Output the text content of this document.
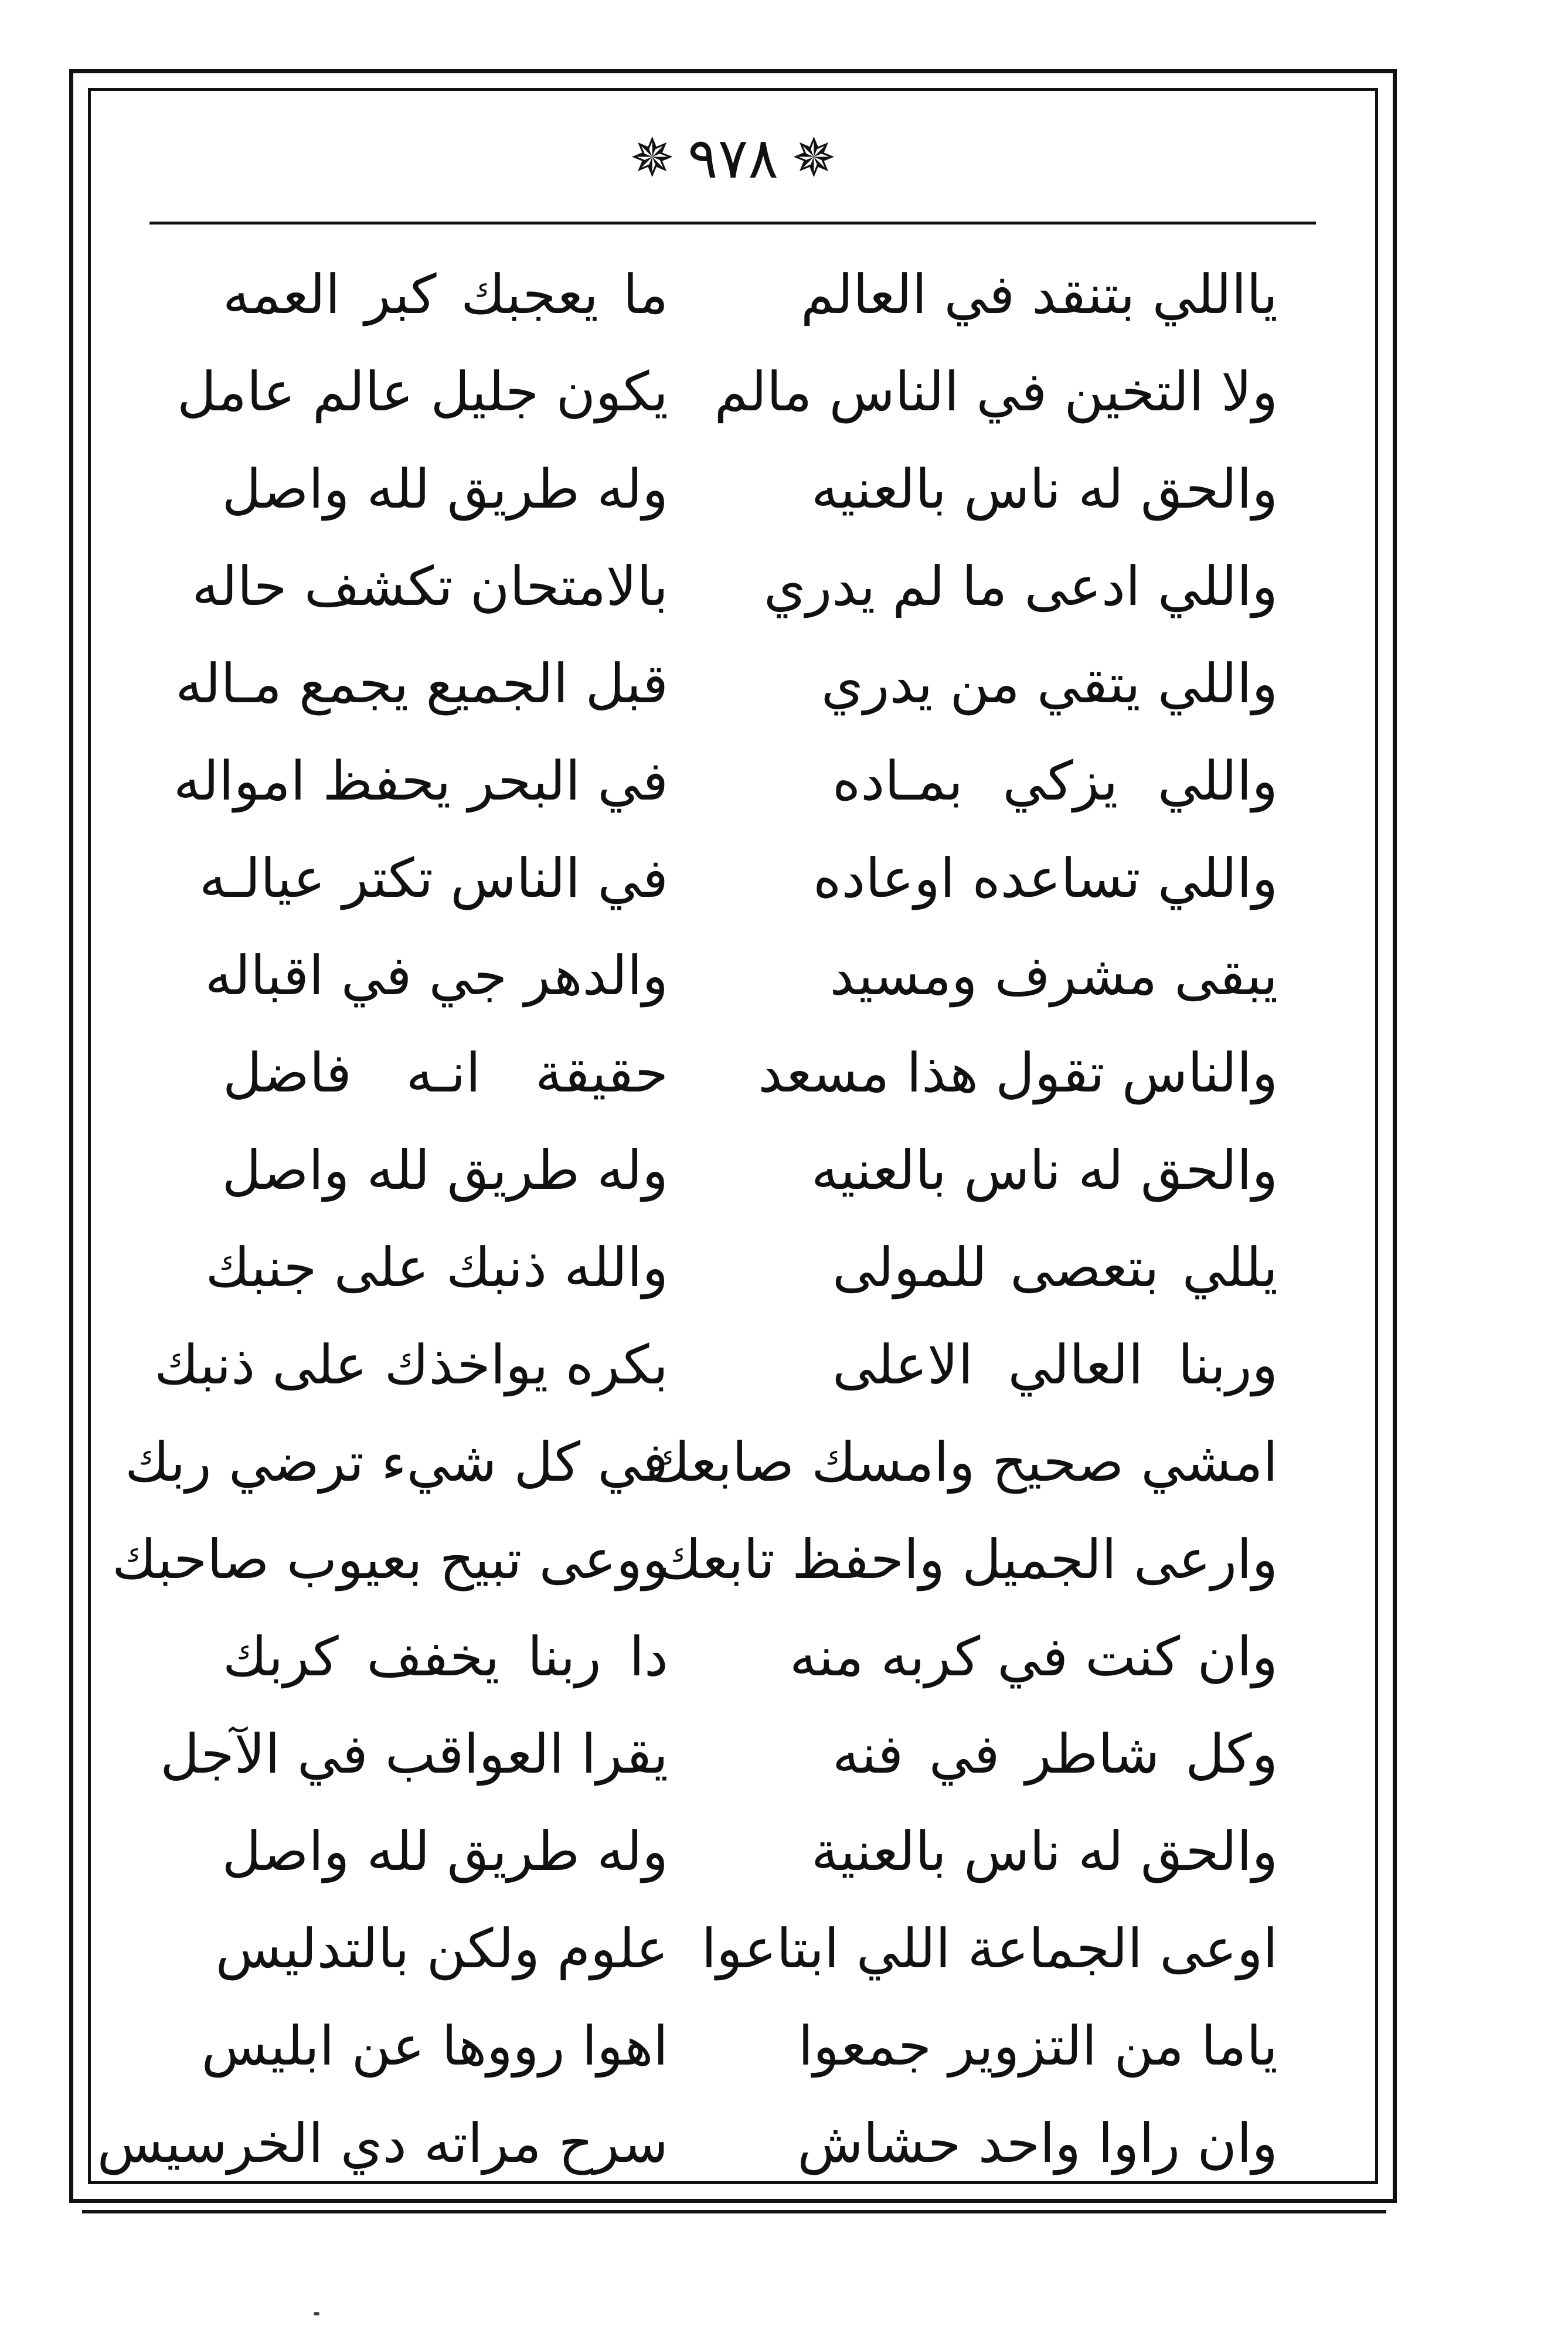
✵ ٩٧٨ ✵
يااللي بتنقد في العالم
ما يعجبك كبر العمه
ولا التخين في الناس مالم
يكون جليل عالم عامل
والحق له ناس بالعنيه
وله طريق لله واصل
واللي ادعى ما لم يدري
بالامتحان تكشف حاله
واللي يتقي من يدري
قبل الجميع يجمع مـاله
واللي يزكي بمـاده
في البحر يحفظ امواله
واللي تساعده اوعاده
في الناس تكتر عيالـه
يبقى مشرف ومسيد
والدهر جي في اقباله
والناس تقول هذا مسعد
حقيقة انـه فاضل
والحق له ناس بالعنيه
وله طريق لله واصل
يللي بتعصى للمولى
والله ذنبك على جنبك
وربنا العالي الاعلى
بكره يواخذك على ذنبك
امشي صحيح وامسك صابعك
في كل شيء ترضي ربك
وارعى الجميل واحفظ تابعك
ووعى تبيح بعيوب صاحبك
وان كنت في كربه منه
دا ربنا يخفف كربك
وكل شاطر في فنه
يقرا العواقب في الآجل
والحق له ناس بالعنية
وله طريق لله واصل
اوعى الجماعة اللي ابتاعوا
علوم ولكن بالتدليس
ياما من التزوير جمعوا
اهوا رووها عن ابليس
وان راوا واحد حشاش
سرح مراته دي الخرسيس
